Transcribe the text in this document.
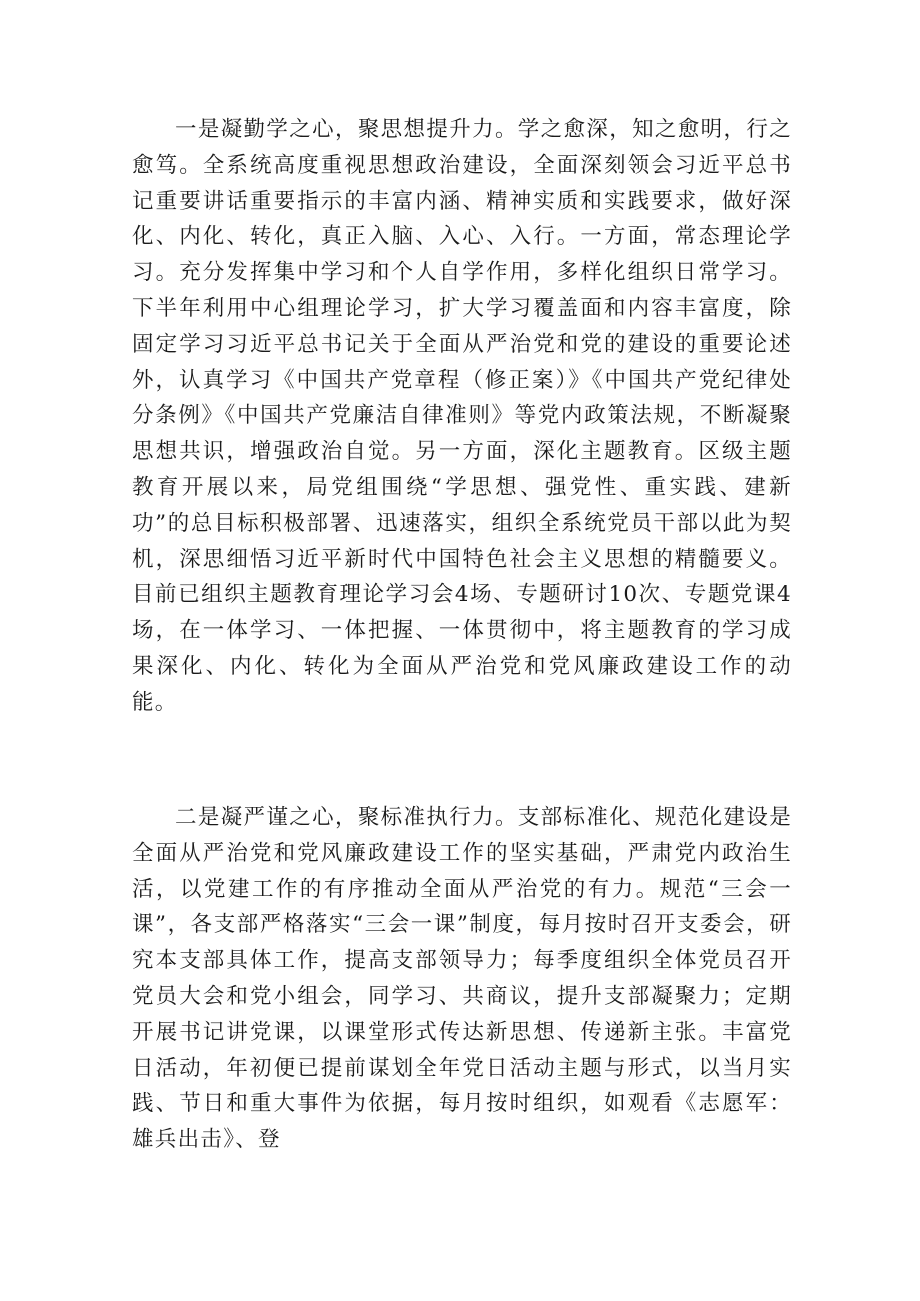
一是凝勤学之心，聚思想提升力。学之愈深，知之愈明，行之愈笃。全系统高度重视思想政治建设，全面深刻领会习近平总书记重要讲话重要指示的丰富内涵、精神实质和实践要求，做好深化、内化、转化，真正入脑、入心、入行。一方面，常态理论学习。充分发挥集中学习和个人自学作用，多样化组织日常学习。下半年利用中心组理论学习，扩大学习覆盖面和内容丰富度，除固定学习习近平总书记关于全面从严治党和党的建设的重要论述外，认真学习《中国共产党章程（修正案）》《中国共产党纪律处分条例》《中国共产党廉洁自律准则》等党内政策法规，不断凝聚思想共识，增强政治自觉。另一方面，深化主题教育。区级主题教育开展以来，局党组围绕“学思想、强党性、重实践、建新功”的总目标积极部署、迅速落实，组织全系统党员干部以此为契机，深思细悟习近平新时代中国特色社会主义思想的精髓要义。目前已组织主题教育理论学习会4场、专题研讨10次、专题党课4场，在一体学习、一体把握、一体贯彻中，将主题教育的学习成果深化、内化、转化为全面从严治党和党风廉政建设工作的动能。

二是凝严谨之心，聚标准执行力。支部标准化、规范化建设是全面从严治党和党风廉政建设工作的坚实基础，严肃党内政治生活，以党建工作的有序推动全面从严治党的有力。规范“三会一课”，各支部严格落实“三会一课”制度，每月按时召开支委会，研究本支部具体工作，提高支部领导力；每季度组织全体党员召开党员大会和党小组会，同学习、共商议，提升支部凝聚力；定期开展书记讲党课，以课堂形式传达新思想、传递新主张。丰富党日活动，年初便已提前谋划全年党日活动主题与形式，以当月实践、节日和重大事件为依据，每月按时组织，如观看《志愿军：雄兵出击》、登
